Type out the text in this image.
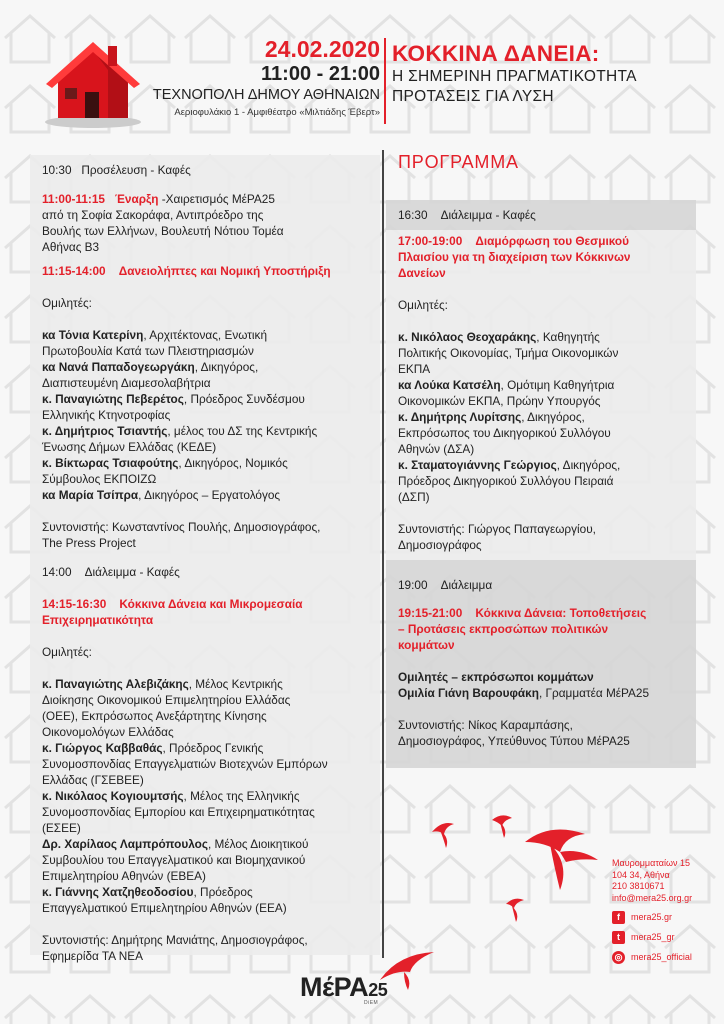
24.02.2020
11:00 - 21:00
ΤΕΧΝΟΠΟΛΗ ΔΗΜΟΥ ΑΘΗΝΑΙΩΝ
Αεριοφυλάκιο 1 - Αμφιθέατρο «Μιλτιάδης Έβερτ»
ΚΟΚΚΙΝΑ ΔΑΝΕΙΑ:
Η ΣΗΜΕΡΙΝΗ ΠΡΑΓΜΑΤΙΚΟΤΗΤΑ
ΠΡΟΤΑΣΕΙΣ ΓΙΑ ΛΥΣΗ
ΠΡΟΓΡΑΜΜΑ

10:30 Προσέλευση - Καφές

11:00-11:15 Έναρξη -Χαιρετισμός ΜέΡΑ25

από τη Σοφία Σακοράφα, Αντιπρόεδρο της

Βουλής των Ελλήνων, Βουλευτή Νότιου Τομέα

Αθήνας Β3

11:15-14:00 Δανειολήπτες και Νομική Υποστήριξη

Ομιλητές:

κα Τόνια Κατερίνη, Αρχιτέκτονας, Ενωτική

Πρωτοβουλία Κατά των Πλειστηριασμών

κα Νανά Παπαδογεωργάκη, Δικηγόρος,

Διαπιστευμένη Διαμεσολαβήτρια

κ. Παναγιώτης Πεβερέτος, Πρόεδρος Συνδέσμου

Ελληνικής Κτηνοτροφίας

κ. Δημήτριος Τσιαντής, μέλος του ΔΣ της Κεντρικής

Ένωσης Δήμων Ελλάδας (ΚΕΔΕ)

κ. Βίκτωρας Τσιαφούτης, Δικηγόρος, Νομικός

Σύμβουλος ΕΚΠΟΙΖΩ

κα Μαρία Τσίπρα, Δικηγόρος – Εργατολόγος

Συντονιστής: Κωνσταντίνος Πουλής, Δημοσιογράφος,

The Press Project

14:00 Διάλειμμα - Καφές

14:15-16:30 Κόκκινα Δάνεια και Μικρομεσαία

Επιχειρηματικότητα

Ομιλητές:

κ. Παναγιώτης Αλεβιζάκης, Μέλος Κεντρικής

Διοίκησης Οικονομικού Επιμελητηρίου Ελλάδας

(ΟΕΕ), Εκπρόσωπος Ανεξάρτητης Κίνησης

Οικονομολόγων Ελλάδας

κ. Γιώργος Καββαθάς, Πρόεδρος Γενικής

Συνομοσπονδίας Επαγγελματιών Βιοτεχνών Εμπόρων

Ελλάδας (ΓΣΕΒΕΕ)

κ. Νικόλαος Κογιουμτσής, Μέλος της Ελληνικής

Συνομοσπονδίας Εμπορίου και Επιχειρηματικότητας

(ΕΣΕΕ)

Δρ. Χαρίλαος Λαμπρόπουλος, Μέλος Διοικητικού

Συμβουλίου του Επαγγελματικού και Βιομηχανικού

Επιμελητηρίου Αθηνών (ΕΒΕΑ)

κ. Γιάννης Χατζηθεοδοσίου, Πρόεδρος

Επαγγελματικού Επιμελητηρίου Αθηνών (ΕΕΑ)

Συντονιστής: Δημήτρης Μανιάτης, Δημοσιογράφος,

Εφημερίδα ΤΑ ΝΕΑ

16:30 Διάλειμμα - Καφές

17:00-19:00 Διαμόρφωση του Θεσμικού

Πλαισίου για τη διαχείριση των Κόκκινων

Δανείων

Ομιλητές:

κ. Νικόλαος Θεοχαράκης, Καθηγητής

Πολιτικής Οικονομίας, Τμήμα Οικονομικών

ΕΚΠΑ

κα Λούκα Κατσέλη, Ομότιμη Καθηγήτρια

Οικονομικών ΕΚΠΑ, Πρώην Υπουργός

κ. Δημήτρης Λυρίτσης, Δικηγόρος,

Εκπρόσωπος του Δικηγορικού Συλλόγου

Αθηνών (ΔΣΑ)

κ. Σταματογιάννης Γεώργιος, Δικηγόρος,

Πρόεδρος Δικηγορικού Συλλόγου Πειραιά

(ΔΣΠ)

Συντονιστής: Γιώργος Παπαγεωργίου,

Δημοσιογράφος

19:00 Διάλειμμα

19:15-21:00 Κόκκινα Δάνεια: Τοποθετήσεις

– Προτάσεις εκπροσώπων πολιτικών

κομμάτων

Ομιλητές – εκπρόσωποι κομμάτων

Ομιλία Γιάνη Βαρουφάκη, Γραμματέα ΜέΡΑ25

Συντονιστής: Νίκος Καραμπάσης,

Δημοσιογράφος, Υπεύθυνος Τύπου ΜέΡΑ25

Μαυρομματαίων 15
104 34, Αθήνα
210 3810671
info@mera25.org.gr
f	mera25.gr
t	mera25_gr
◎ mera25_official
ΜέΡΑ25
DiEM
